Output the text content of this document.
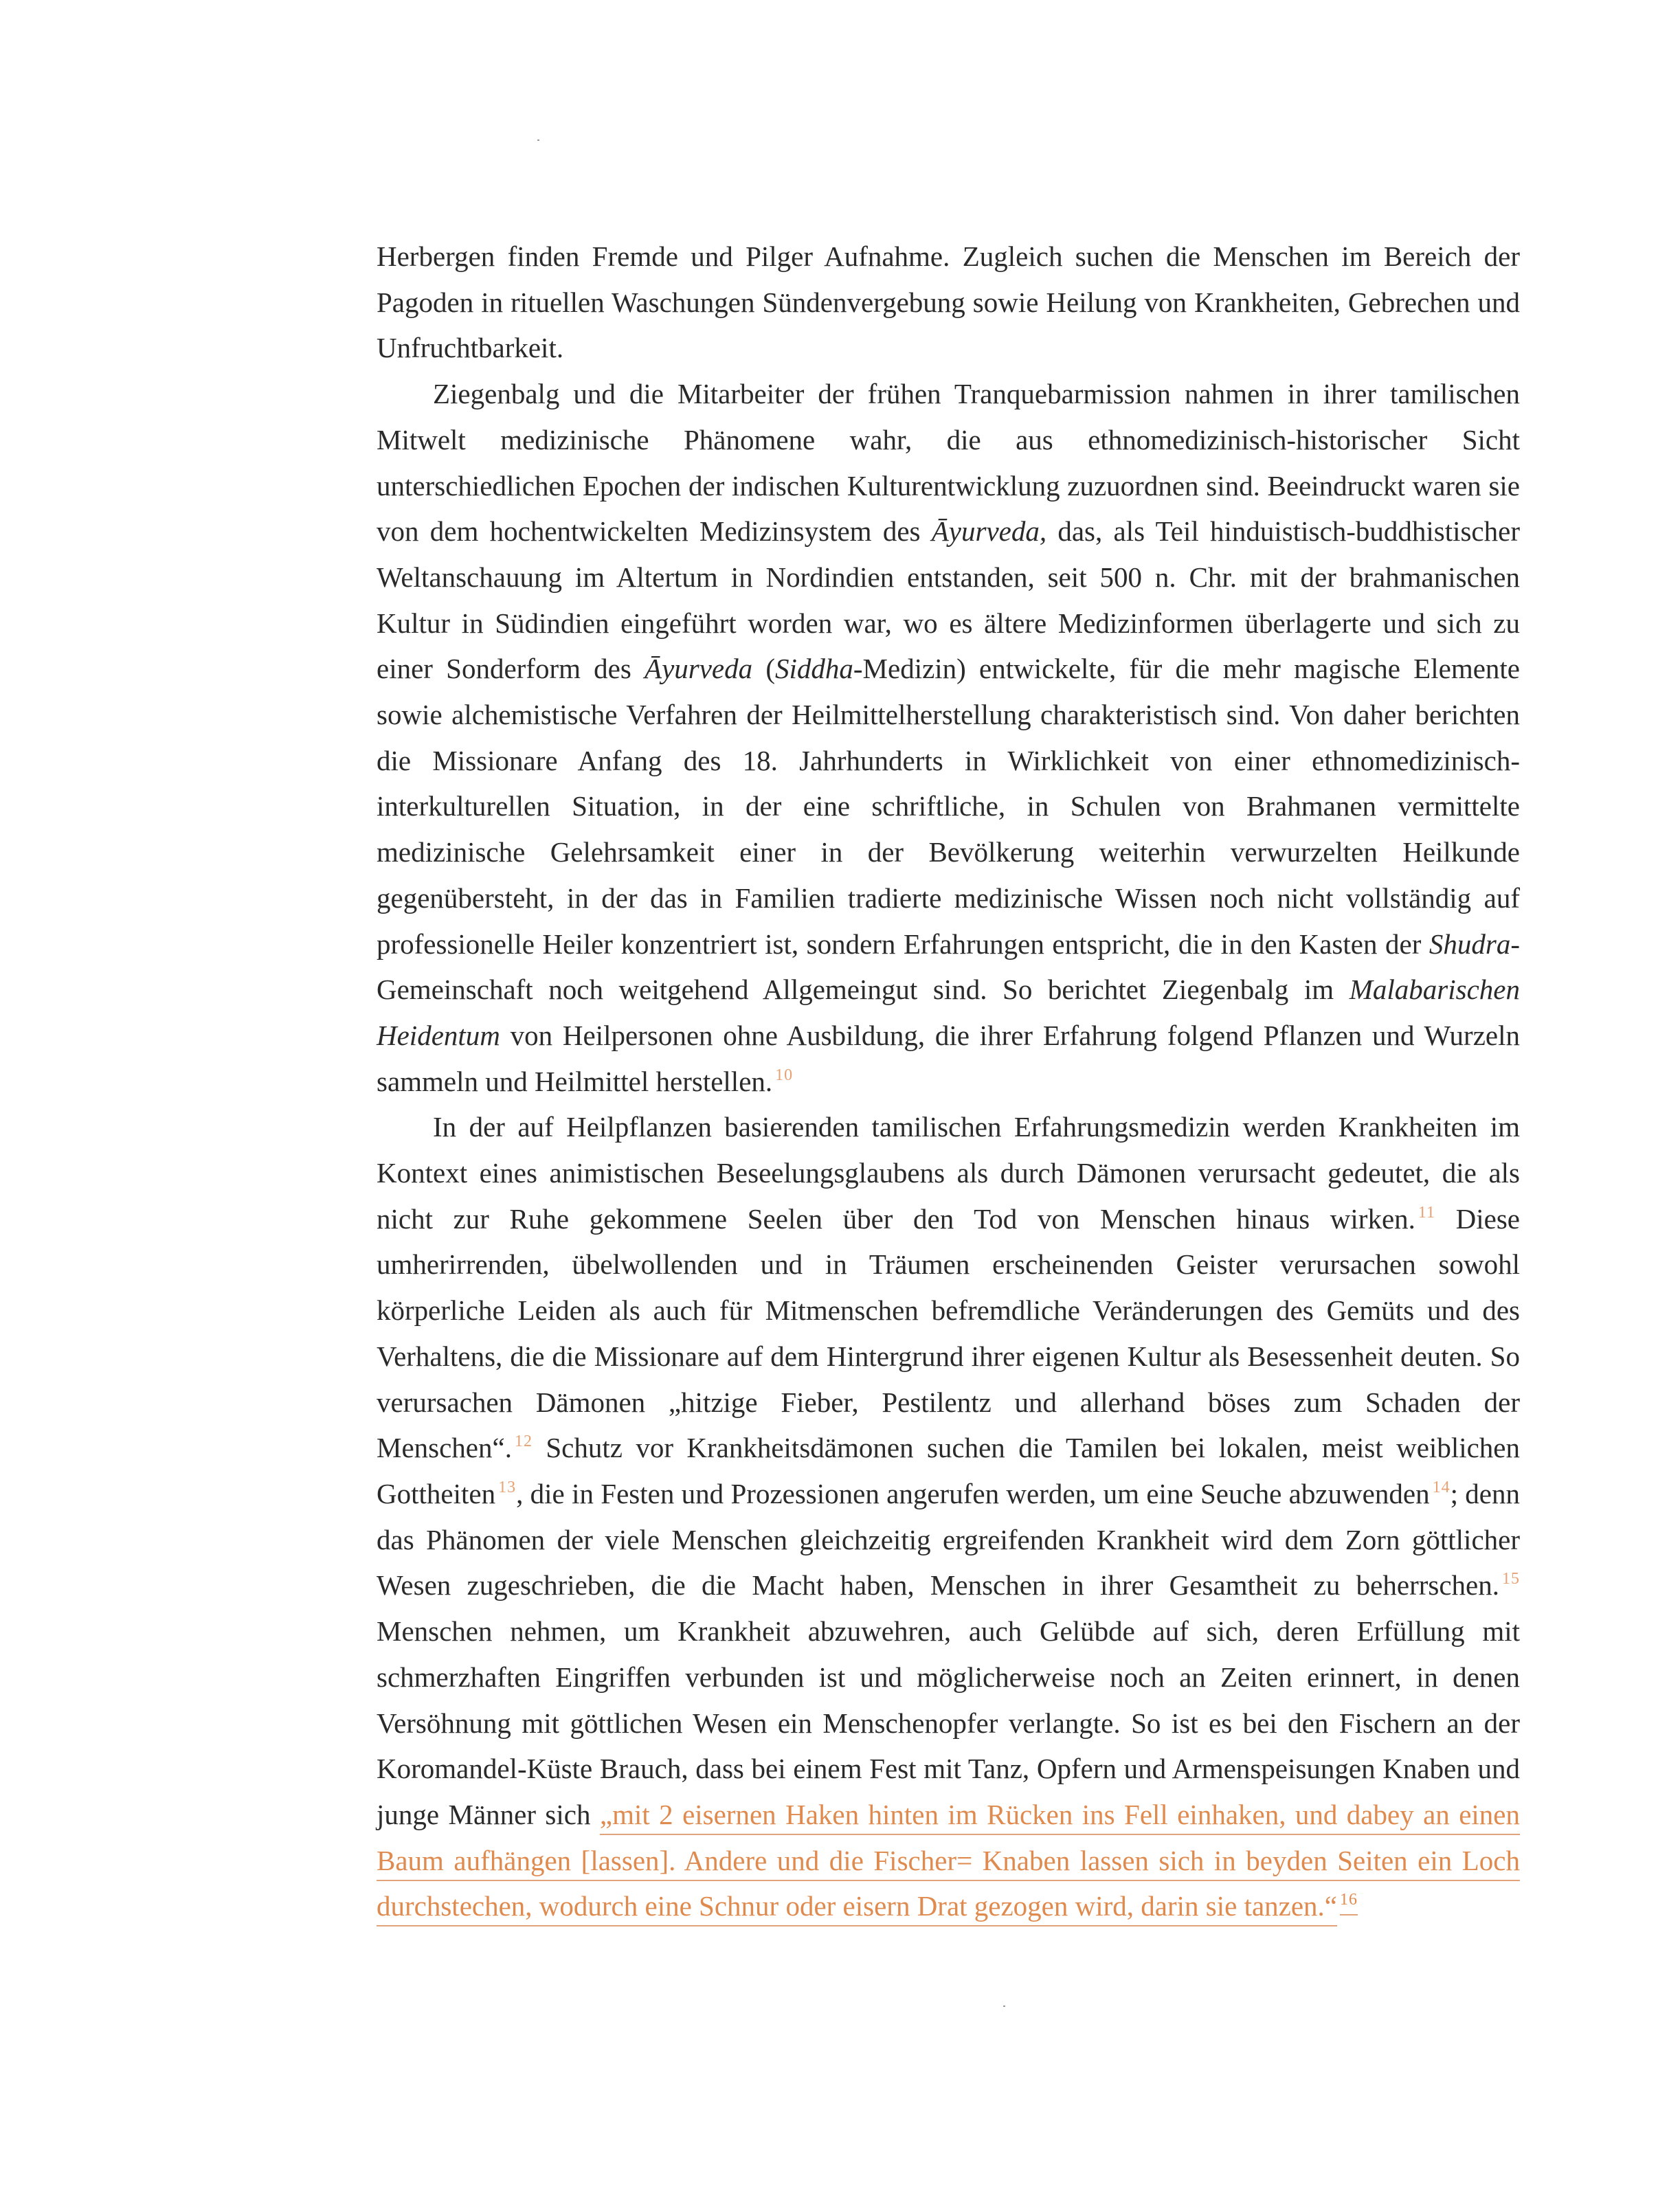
Herbergen finden Fremde und Pilger Aufnahme. Zugleich suchen die Menschen im Bereich der Pagoden in rituellen Waschungen Sündenvergebung sowie Heilung von Krankheiten, Gebrechen und Unfruchtbarkeit.

Ziegenbalg und die Mitarbeiter der frühen Tranquebarmission nahmen in ihrer tamilischen Mitwelt medizinische Phänomene wahr, die aus ethnomedizinisch-historischer Sicht unterschiedlichen Epochen der indischen Kulturentwicklung zuzuordnen sind. Beeindruckt waren sie von dem hochentwickelten Medizinsystem des Āyurveda, das, als Teil hinduistisch-buddhistischer Weltanschauung im Altertum in Nordindien entstanden, seit 500 n. Chr. mit der brahmanischen Kultur in Südindien eingeführt worden war, wo es ältere Medizinformen überlagerte und sich zu einer Sonderform des Āyurveda (Siddha-Medizin) entwickelte, für die mehr magische Elemente sowie alchemistische Verfahren der Heilmittelherstellung charakteristisch sind. Von daher berichten die Missionare Anfang des 18. Jahrhunderts in Wirklichkeit von einer ethnomedizinisch-interkulturellen Situation, in der eine schriftliche, in Schulen von Brahmanen vermittelte medizinische Gelehrsamkeit einer in der Bevölkerung weiterhin verwurzelten Heilkunde gegenübersteht, in der das in Familien tradierte medizinische Wissen noch nicht vollständig auf professionelle Heiler konzentriert ist, sondern Erfahrungen entspricht, die in den Kasten der Shudra-Gemeinschaft noch weitgehend Allgemeingut sind. So berichtet Ziegenbalg im Malabarischen Heidentum von Heilpersonen ohne Ausbildung, die ihrer Erfahrung folgend Pflanzen und Wurzeln sammeln und Heilmittel herstellen. $^{10}$

In der auf Heilpflanzen basierenden tamilischen Erfahrungsmedizin werden Krankheiten im Kontext eines animistischen Beseelungsglaubens als durch Dämonen verursacht gedeutet, die als nicht zur Ruhe gekommene Seelen über den Tod von Menschen hinaus wirken. $^{11}$ Diese umherirrenden, übelwollenden und in Träumen erscheinenden Geister verursachen sowohl körperliche Leiden als auch für Mitmenschen befremdliche Veränderungen des Gemüts und des Verhaltens, die die Missionare auf dem Hintergrund ihrer eigenen Kultur als Besessenheit deuten. So verursachen Dämonen „hitzige Fieber, Pestilentz und allerhand böses zum Schaden der Menschen“. $^{12}$ Schutz vor Krankheitsdämonen suchen die Tamilen bei lokalen, meist weiblichen Gottheiten $^{13}$, die in Festen und Prozessionen angerufen werden, um eine Seuche abzuwenden $^{14}$; denn das Phänomen der viele Menschen gleichzeitig ergreifenden Krankheit wird dem Zorn göttlicher Wesen zugeschrieben, die die Macht haben, Menschen in ihrer Gesamtheit zu beherrschen. $^{15}$ Menschen nehmen, um Krankheit abzuwehren, auch Gelübde auf sich, deren Erfüllung mit schmerzhaften Eingriffen verbunden ist und möglicherweise noch an Zeiten erinnert, in denen Versöhnung mit göttlichen Wesen ein Menschenopfer verlangte. So ist es bei den Fischern an der Koromandel-Küste Brauch, dass bei einem Fest mit Tanz, Opfern und Armenspeisungen Knaben und junge Männer sich „mit 2 eisernen Haken hinten im Rücken ins Fell einhaken, und dabey an einen Baum aufhängen [lassen]. Andere und die Fischer= Knaben lassen sich in beyden Seiten ein Loch durchstechen, wodurch eine Schnur oder eisern Drat gezogen wird, darin sie tanzen.“ $^{16}$
